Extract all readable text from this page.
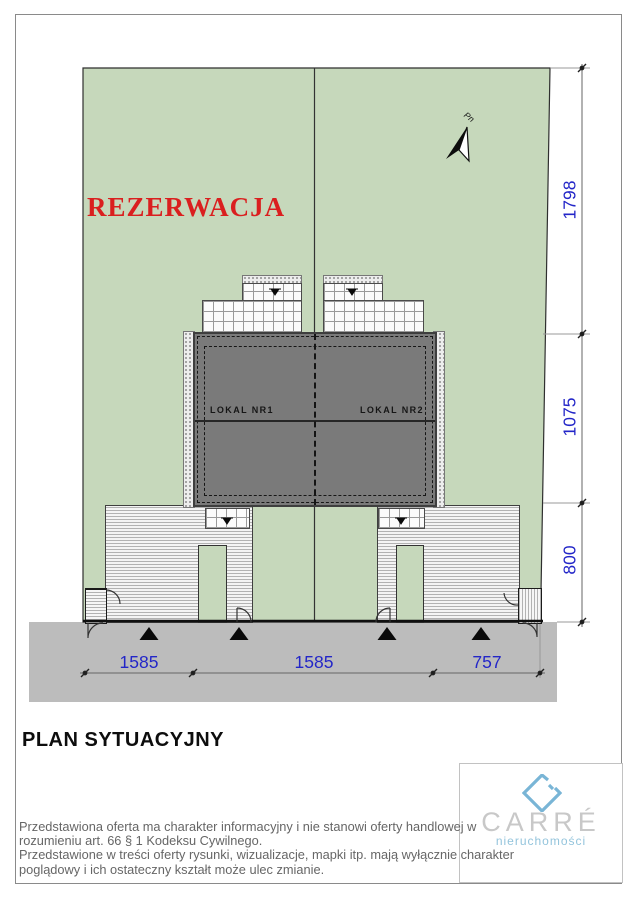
LOKAL NR1	LOKAL NR2
REZERWACJA
Pn
1798
1075
800
1585	1585	757
PLAN SYTUACYJNY
CARRÉ
nieruchomości
Przedstawiona oferta ma charakter informacyjny i nie stanowi oferty handlowej w
rozumieniu art. 66 § 1 Kodeksu Cywilnego.
Przedstawione w treści oferty rysunki, wizualizacje, mapki itp. mają wyłącznie charakter
poglądowy i ich ostateczny kształt może ulec zmianie.
